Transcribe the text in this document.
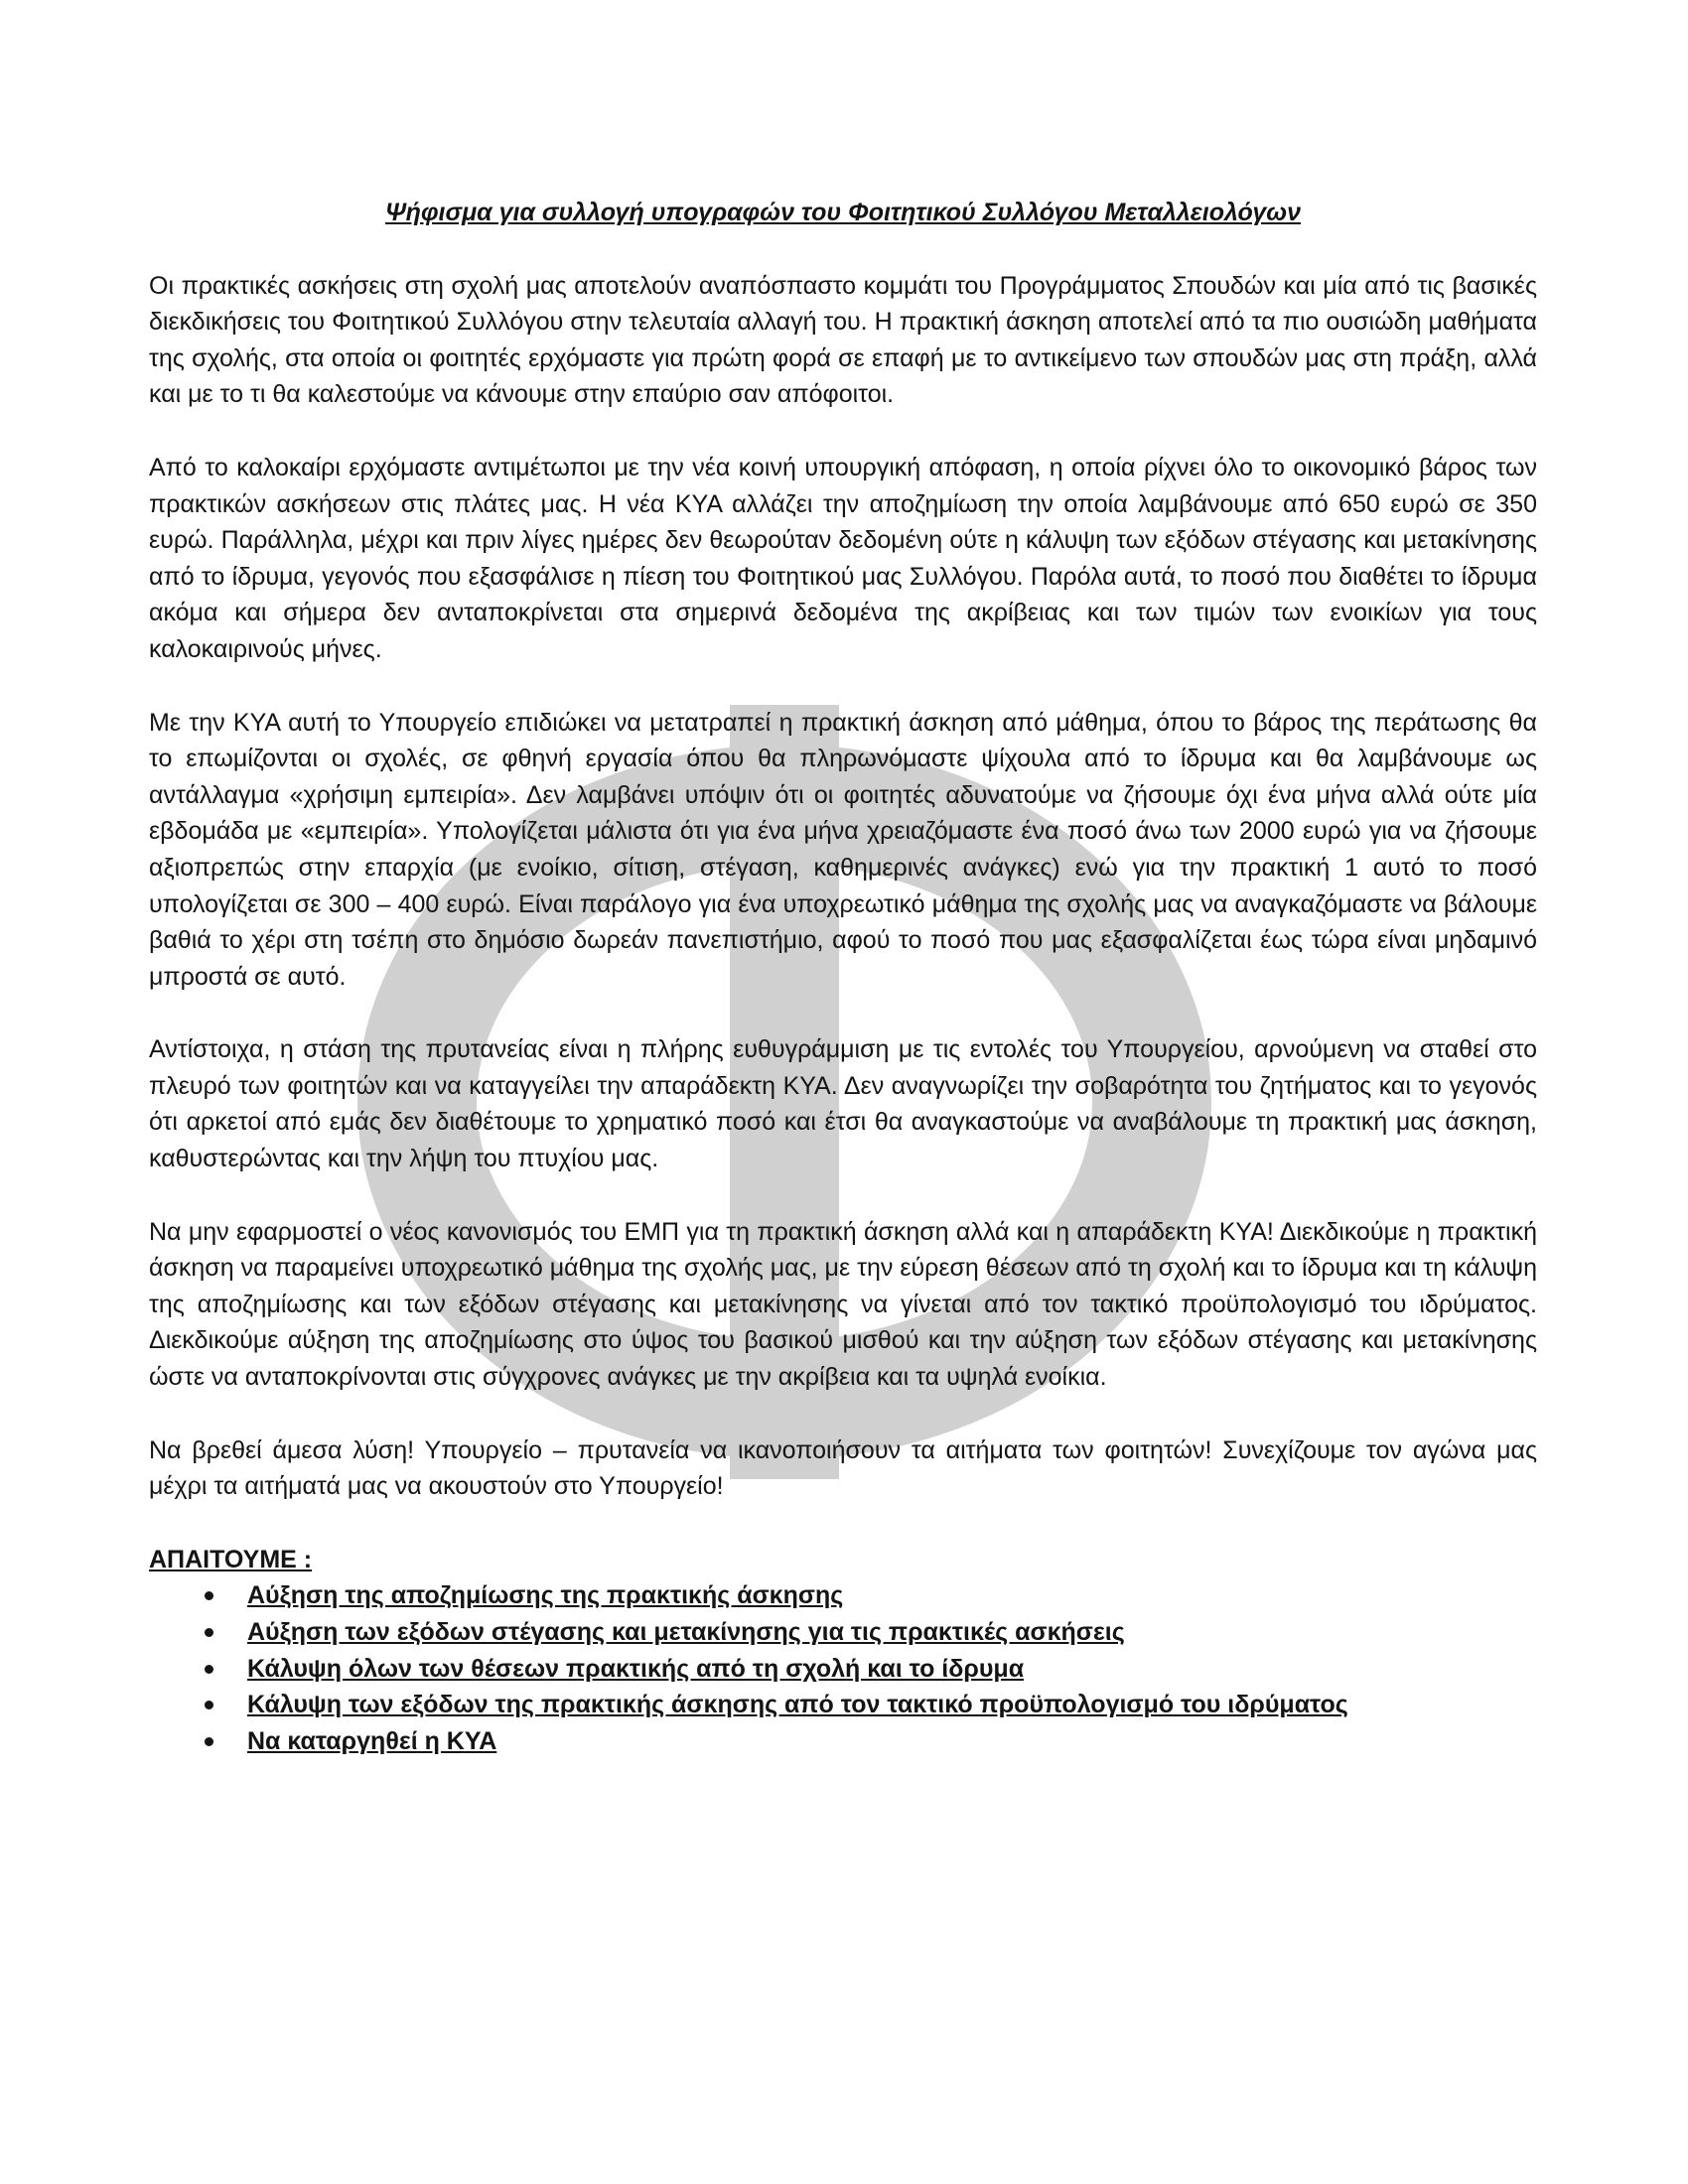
Ψήφισμα για συλλογή υπογραφών του Φοιτητικού Συλλόγου Μεταλλειολόγων

Οι πρακτικές ασκήσεις στη σχολή μας αποτελούν αναπόσπαστο κομμάτι του Προγράμματος Σπουδών και μία από τις βασικές διεκδικήσεις του Φοιτητικού Συλλόγου στην τελευταία αλλαγή του. Η πρακτική άσκηση αποτελεί από τα πιο ουσιώδη μαθήματα της σχολής, στα οποία οι φοιτητές ερχόμαστε για πρώτη φορά σε επαφή με το αντικείμενο των σπουδών μας στη πράξη, αλλά και με το τι θα καλεστούμε να κάνουμε στην επαύριο σαν απόφοιτοι.

Από το καλοκαίρι ερχόμαστε αντιμέτωποι με την νέα κοινή υπουργική απόφαση, η οποία ρίχνει όλο το οικονομικό βάρος των πρακτικών ασκήσεων στις πλάτες μας. Η νέα ΚΥΑ αλλάζει την αποζημίωση την οποία λαμβάνουμε από 650 ευρώ σε 350 ευρώ. Παράλληλα, μέχρι και πριν λίγες ημέρες δεν θεωρούταν δεδομένη ούτε η κάλυψη των εξόδων στέγασης και μετακίνησης από το ίδρυμα, γεγονός που εξασφάλισε η πίεση του Φοιτητικού μας Συλλόγου. Παρόλα αυτά, το ποσό που διαθέτει το ίδρυμα ακόμα και σήμερα δεν ανταποκρίνεται στα σημερινά δεδομένα της ακρίβειας και των τιμών των ενοικίων για τους καλοκαιρινούς μήνες.

Με την ΚΥΑ αυτή το Υπουργείο επιδιώκει να μετατραπεί η πρακτική άσκηση από μάθημα, όπου το βάρος της περάτωσης θα το επωμίζονται οι σχολές, σε φθηνή εργασία όπου θα πληρωνόμαστε ψίχουλα από το ίδρυμα και θα λαμβάνουμε ως αντάλλαγμα «χρήσιμη εμπειρία». Δεν λαμβάνει υπόψιν ότι οι φοιτητές αδυνατούμε να ζήσουμε όχι ένα μήνα αλλά ούτε μία εβδομάδα με «εμπειρία». Υπολογίζεται μάλιστα ότι για ένα μήνα χρειαζόμαστε ένα ποσό άνω των 2000 ευρώ για να ζήσουμε αξιοπρεπώς στην επαρχία (με ενοίκιο, σίτιση, στέγαση, καθημερινές ανάγκες) ενώ για την πρακτική 1 αυτό το ποσό υπολογίζεται σε 300 – 400 ευρώ. Είναι παράλογο για ένα υποχρεωτικό μάθημα της σχολής μας να αναγκαζόμαστε να βάλουμε βαθιά το χέρι στη τσέπη στο δημόσιο δωρεάν πανεπιστήμιο, αφού το ποσό που μας εξασφαλίζεται έως τώρα είναι μηδαμινό μπροστά σε αυτό.

Αντίστοιχα, η στάση της πρυτανείας είναι η πλήρης ευθυγράμμιση με τις εντολές του Υπουργείου, αρνούμενη να σταθεί στο πλευρό των φοιτητών και να καταγγείλει την απαράδεκτη ΚΥΑ. Δεν αναγνωρίζει την σοβαρότητα του ζητήματος και το γεγονός ότι αρκετοί από εμάς δεν διαθέτουμε το χρηματικό ποσό και έτσι θα αναγκαστούμε να αναβάλουμε τη πρακτική μας άσκηση, καθυστερώντας και την λήψη του πτυχίου μας.

Να μην εφαρμοστεί ο νέος κανονισμός του ΕΜΠ για τη πρακτική άσκηση αλλά και η απαράδεκτη ΚΥΑ! Διεκδικούμε η πρακτική άσκηση να παραμείνει υποχρεωτικό μάθημα της σχολής μας, με την εύρεση θέσεων από τη σχολή και το ίδρυμα και τη κάλυψη της αποζημίωσης και των εξόδων στέγασης και μετακίνησης να γίνεται από τον τακτικό προϋπολογισμό του ιδρύματος. Διεκδικούμε αύξηση της αποζημίωσης στο ύψος του βασικού μισθού και την αύξηση των εξόδων στέγασης και μετακίνησης ώστε να ανταποκρίνονται στις σύγχρονες ανάγκες με την ακρίβεια και τα υψηλά ενοίκια.

Να βρεθεί άμεσα λύση! Υπουργείο – πρυτανεία να ικανοποιήσουν τα αιτήματα των φοιτητών! Συνεχίζουμε τον αγώνα μας μέχρι τα αιτήματά μας να ακουστούν στο Υπουργείο!

ΑΠΑΙΤΟΥΜΕ :

Αύξηση της αποζημίωσης της πρακτικής άσκησης
Αύξηση των εξόδων στέγασης και μετακίνησης για τις πρακτικές ασκήσεις
Κάλυψη όλων των θέσεων πρακτικής από τη σχολή και το ίδρυμα
Κάλυψη των εξόδων της πρακτικής άσκησης από τον τακτικό προϋπολογισμό του ιδρύματος
Να καταργηθεί η ΚΥΑ
